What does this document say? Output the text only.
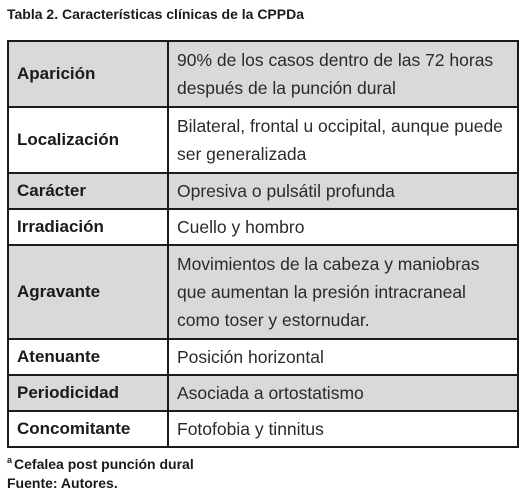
Tabla 2. Características clínicas de la CPPDa
Aparición	90% de los casos dentro de las 72 horas después de la punción dural
Localización	Bilateral, frontal u occipital, aunque puede ser generalizada
Carácter	Opresiva o pulsátil profunda
Irradiación	Cuello y hombro
Agravante	Movimientos de la cabeza y maniobras que aumentan la presión intracraneal como toser y estornudar.
Atenuante	Posición horizontal
Periodicidad	Asociada a ortostatismo
Concomitante	Fotofobia y tinnitus
$^a$ Cefalea post punción dural
Fuente: Autores.
